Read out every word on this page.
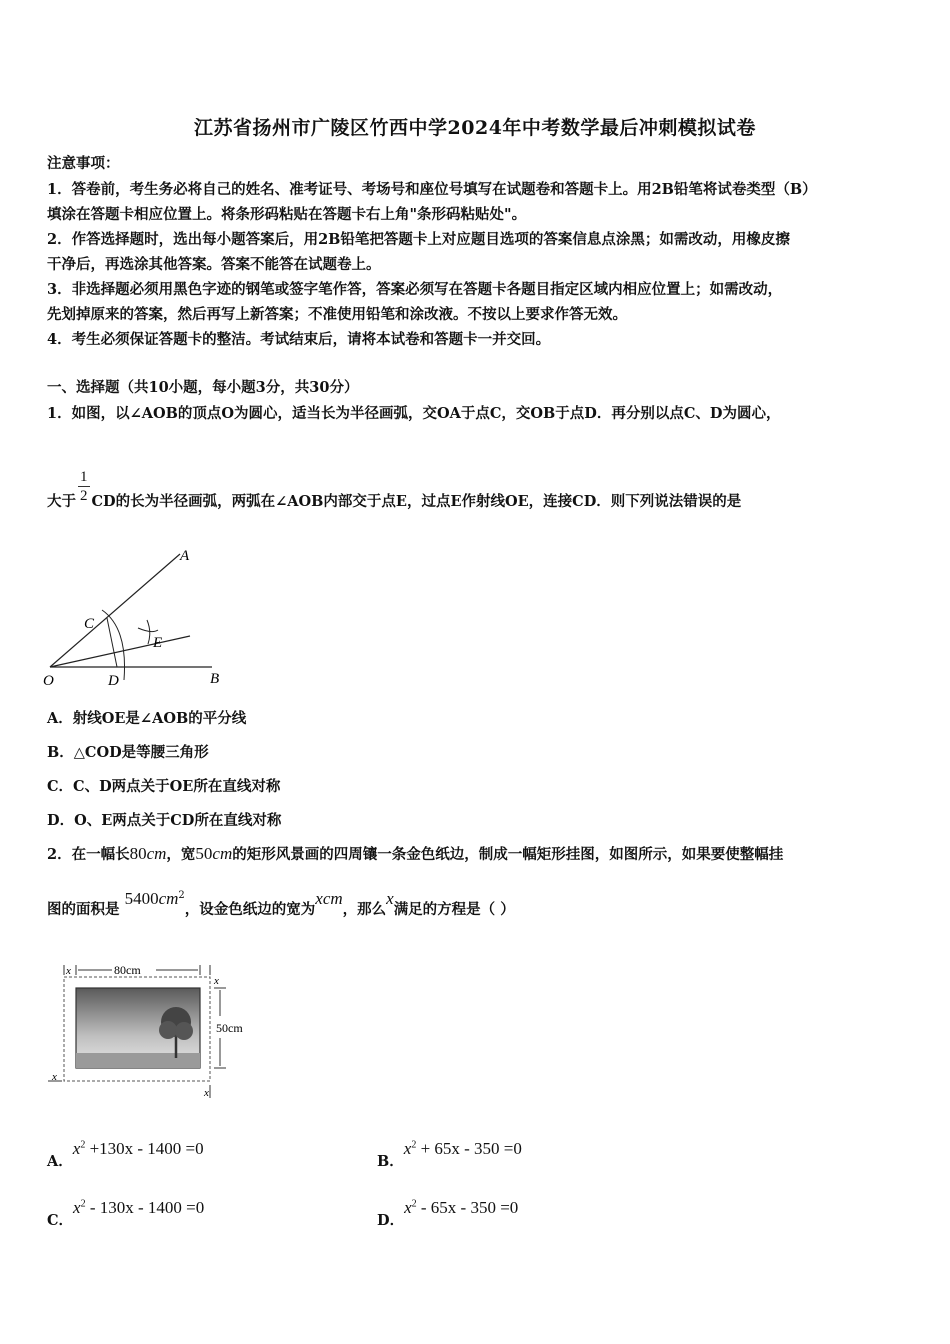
江苏省扬州市广陵区竹西中学2024年中考数学最后冲刺模拟试卷
注意事项：
1．答卷前，考生务必将自己的姓名、准考证号、考场号和座位号填写在试题卷和答题卡上。用2B铅笔将试卷类型（B）
填涂在答题卡相应位置上。将条形码粘贴在答题卡右上角"条形码粘贴处"。
2．作答选择题时，选出每小题答案后，用2B铅笔把答题卡上对应题目选项的答案信息点涂黑；如需改动，用橡皮擦
干净后，再选涂其他答案。答案不能答在试题卷上。
3．非选择题必须用黑色字迹的钢笔或签字笔作答，答案必须写在答题卡各题目指定区域内相应位置上；如需改动，
先划掉原来的答案，然后再写上新答案；不准使用铅笔和涂改液。不按以上要求作答无效。
4．考生必须保证答题卡的整洁。考试结束后，请将本试卷和答题卡一并交回。
一、选择题（共10小题，每小题3分，共30分）
1．如图，以∠AOB的顶点O为圆心，适当长为半径画弧，交OA于点C，交OB于点D．再分别以点C、D为圆心，
大于 $\frac{1}{2}$ CD的长为半径画弧，两弧在∠AOB内部交于点E，过点E作射线OE，连接CD．则下列说法错误的是
A
B
C
D
E
O
A．射线OE是∠AOB的平分线
B．△COD是等腰三角形
C．C、D两点关于OE所在直线对称
D．O、E两点关于CD所在直线对称
2．在一幅长80cm，宽50cm的矩形风景画的四周镶一条金色纸边，制成一幅矩形挂图，如图所示，如果要使整幅挂
图的面积是 $5400cm^2$，设金色纸边的宽为xcm，那么x满足的方程是（ ）
80cm
x
50cm
x
x
x
A．$x^2 +130x - 1400 =0$
B．$x^2 + 65x - 350 =0$
C．$x^2 - 130x - 1400 =0$
D．$x^2 - 65x - 350 =0$
